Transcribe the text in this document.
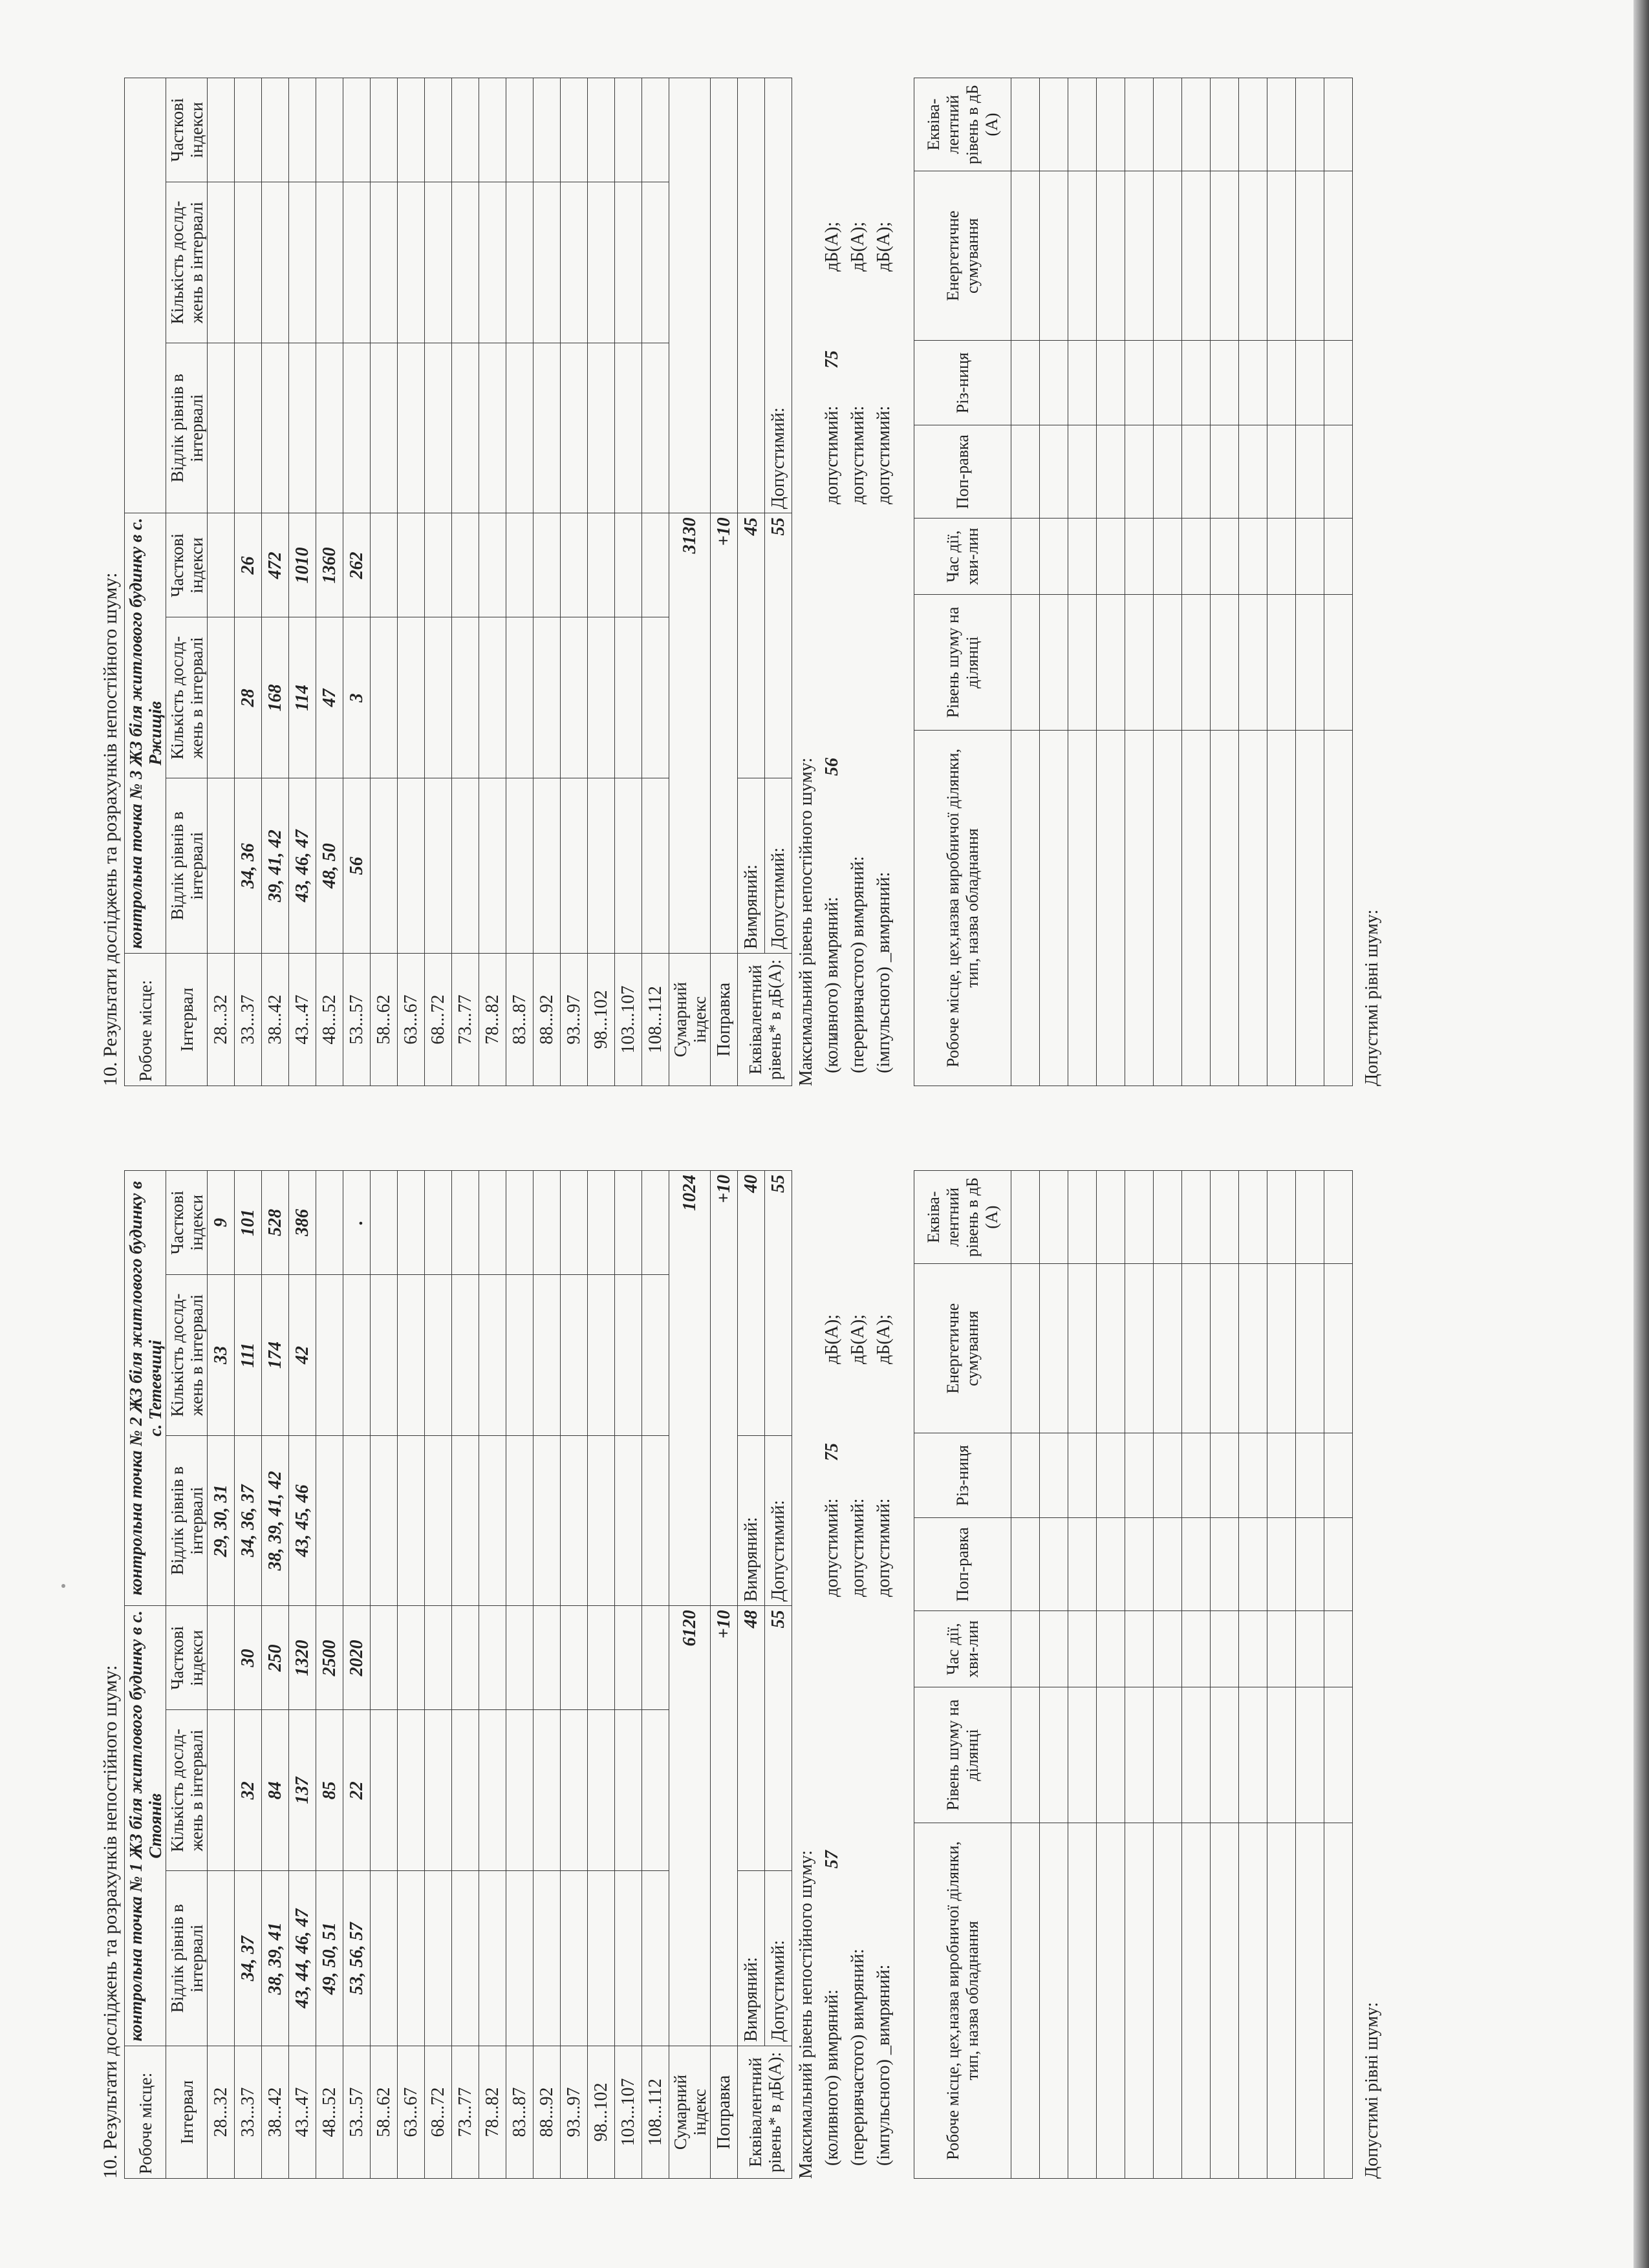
10. Результати досліджень та розрахунків непостійного шуму: Робоче місце:	контрольна точка № 1 ЖЗ біля житлового будинку в с. Стоянів			контрольна точка № 2 ЖЗ біля житлового будинку в с. Тетевчиці		
Інтервал	Відлік рівнів в інтервалі	Кількість дослд-жень в інтервалі	Часткові індекси	Відлік рівнів в інтервалі	Кількість дослд-жень в інтервалі	Часткові індекси
28...32				29, 30, 31	33	9
33...37	34, 37	32	30	34, 36, 37	111	101
38...42	38, 39, 41	84	250	38, 39, 41, 42	174	528
43...47	43, 44, 46, 47	137	1320	43, 45, 46	42	386
48...52	49, 50, 51	85	2500			
53...57	53, 56, 57	22	2020			.
58...62						
63...67						
68...72						
73...77						
78...82						
83...87						
88...92						
93...97						
98...102						
103...107						
108...112						
Сумарний індекс	6120			1024		
Поправка	+10			+10		
Еквівалентний рівень* в дБ(А):	Вимряний:	48		Вимряний:	40	
	Допустимий:	55		Допустимий:	55	
Максимальний рівень непостійного шуму: (коливного) вимряний:
57
допустимий:
75
дБ(А);
(переривчастого) вимряний:
допустимий:
дБ(А);
(імпульсного) _вимряний:
допустимий:
дБ(А);
Робоче місце, цех,назва виробничої ділянки, тип, назва обладнання	Рівень шуму на ділянці	Час дії, хви-лин	Поп-равка	Різ-ниця	Енергетичне сумування	Еквіва-лентний рівень в дБ (А)

Допустимі рівні шуму:
10. Результати досліджень та розрахунків непостійного шуму: Робоче місце:	контрольна точка № 3 ЖЗ біля житлового будинку в с. Ржищів					
Інтервал	Відлік рівнів в інтервалі	Кількість дослд-жень в інтервалі	Часткові індекси	Відлік рівнів в інтервалі	Кількість дослд-жень в інтервалі	Часткові індекси
28...32						
33...37	34, 36	28	26			
38...42	39, 41, 42	168	472			
43...47	43, 46, 47	114	1010			
48...52	48, 50	47	1360			
53...57	56	3	262			
58...62						
63...67						
68...72						
73...77						
78...82						
83...87						
88...92						
93...97						
98...102						
103...107						
108...112						
Сумарний індекс	3130					
Поправка	+10					
Еквівалентний рівень* в дБ(А):	Вимряний:	45				
	Допустимий:	55		Допустимий:		
Максимальний рівень непостійного шуму: (коливного) вимряний:
56
допустимий:
75
дБ(А);
(переривчастого) вимряний:
допустимий:
дБ(А);
(імпульсного) _вимряний:
допустимий:
дБ(А);
Робоче місце, цех,назва виробничої ділянки, тип, назва обладнання	Рівень шуму на ділянці	Час дії, хви-лин	Поп-равка	Різ-ниця	Енергетичне сумування	Еквіва-лентний рівень в дБ (А)

Допустимі рівні шуму:
